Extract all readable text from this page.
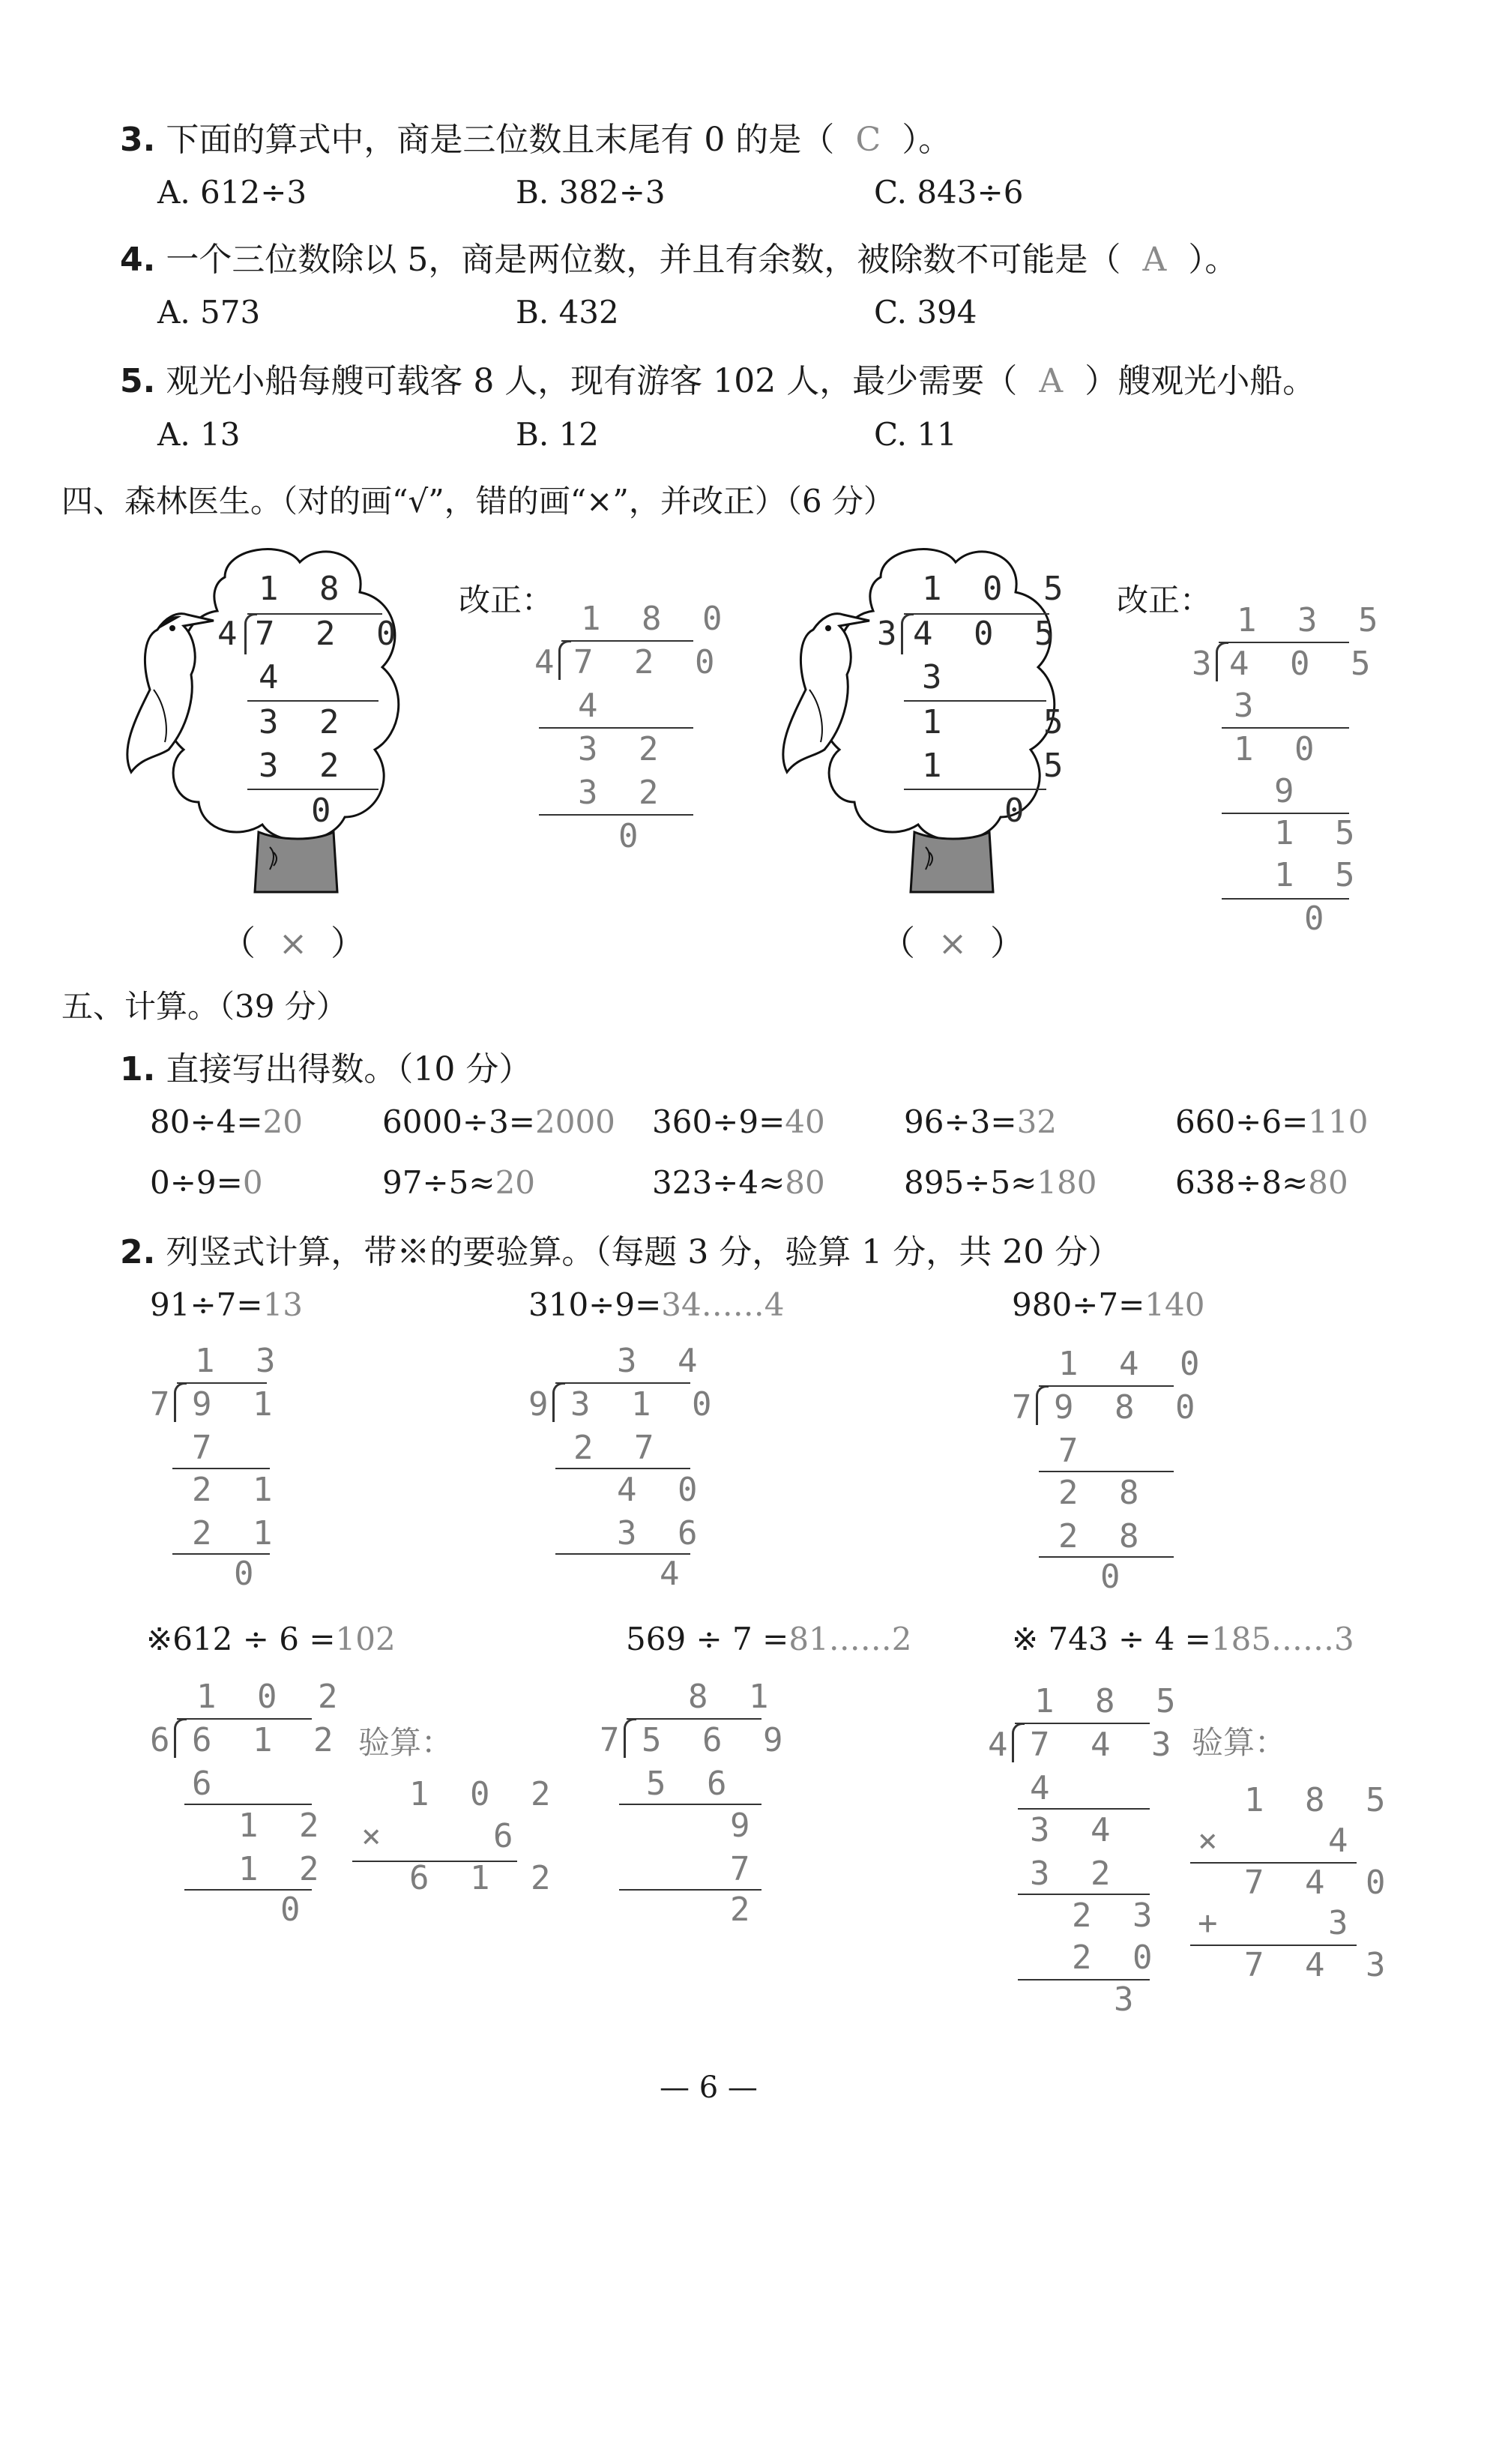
3. 下面的算式中，商是三位数且末尾有 0 的是（ C ）。
A. 612÷3	B. 382÷3	C. 843÷6
4. 一个三位数除以 5，商是两位数，并且有余数，被除数不可能是（ A ）。
A. 573	B. 432	C. 394
5. 观光小船每艘可载客 8 人，现有游客 102 人，最少需要（ A ）艘观光小船。
A. 13	B. 12	C. 11
四、森林医生。（对的画“√”，错的画“×”，并改正）（6 分）
1 8
4 7 2 0
4
3 2
3 2
0
（ × ）
改正： 1 8 0
4 7 2 0
4
3 2
3 2
0
1 0 5
3 4 0 5
3
1   5
1   5
0
（ × ）
改正：
1 3 5
3 4 0 5
3
1 0
9
1 5
1 5
0
五、计算。（39 分）
1. 直接写出得数。（10 分）
80÷4=20	6000÷3=2000 360÷9=40	96÷3=32	660÷6=110
0÷9=0	97÷5≈20	323÷4≈80	895÷5≈180 638÷8≈80
2. 列竖式计算，带※的要验算。（每题 3 分，验算 1 分，共 20 分）
91÷7=13
1 3
7 9 1
7
2 1
2 1
0
310÷9=34……4
3 4
9 3 1 0
2 7
4 0
3 6
4
980÷7=140
1 4 0
7 9 8 0
7
2 8
2 8
0
※612 ÷ 6 =102
1 0 2
6 6 1 2
6
1 2
1 2
0
验算：
1 0 2
×	6
6 1 2
569 ÷ 7 =81……2
8 1
7 5 6 9
5 6
9
7
2
※ 743 ÷ 4 =185……3
1 8 5
4 7 4 3
4
3 4
3 2
2 3
2 0
3
验算：
1 8 5
×	4
7 4 0
+	3
7 4 3
— 6 —
